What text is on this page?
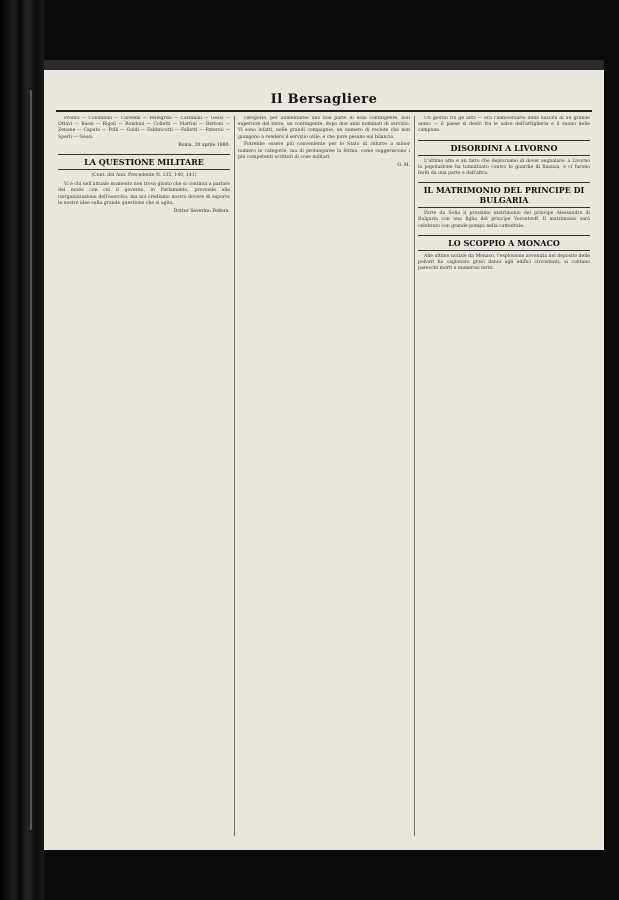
Il Bersagliere

Pronto — Colombini — Caredda — Pellegrini — Cardinali — Gessi — Ottavi — Bassi — Rigoli — Rondoni — Colletti — Martini — Bertoni — Zenone — Caputo — Polli — Guidi — Fabbricotti — Falletti — Paternò — Sperli — Gessi.

Roma, 30 aprile 1880.
LA QUESTIONE MILITARE
(Cont. del Ann. Precedente N. 135, 140, 141)

Vi è chi nell'attuale momento non trova giusto che si continui a parlare del modo con cui il governo, in Parlamento, provvede alla riorganizzazione dell'esercito; ma noi crediamo nostro dovere di esporre le nostre idee sulla grande questione che si agita.

Dottor Severino Fedora.

categorie, per aumentarne uno non parte di essa contingente, non superiore del terzo, un contingente, dopo due anni nominati di servizio. Vi sono infatti, nelle grandi compagnie, un numero di reclute che non giungono a rendere il servizio utile, e che pure pesano sul bilancio.

Potrebbe essere più conveniente per lo Stato di ridurre a minor numero le categorie, ma di prolungarne la ferma, come suggeriscono i più competenti scrittori di cose militari.

G. M.

Un giorno fra gli altri — era l'anniversario della nascita di un grande uomo — il paese si destò fra le salve dell'artiglieria e il suono delle campane.

DISORDINI A LIVORNO

L'ultimo atto è un fatto che deploriamo di dover segnalare: a Livorno la popolazione ha tumultuato contro le guardie di finanza, e ci furono feriti da una parte e dall'altra.

IL MATRIMONIO DEL PRINCIPE DI BULGARIA

Parte da Sofia il prossimo matrimonio del principe Alessandro di Bulgaria con una figlia del principe Vorontzoff. Il matrimonio sarà celebrato con grande pompa nella cattedrale.

LO SCOPPIO A MONACO

Alle ultime notizie da Monaco, l'esplosione avvenuta nel deposito delle polveri ha cagionato gravi danni agli edifici circostanti; si contano parecchi morti e numerosi feriti.
